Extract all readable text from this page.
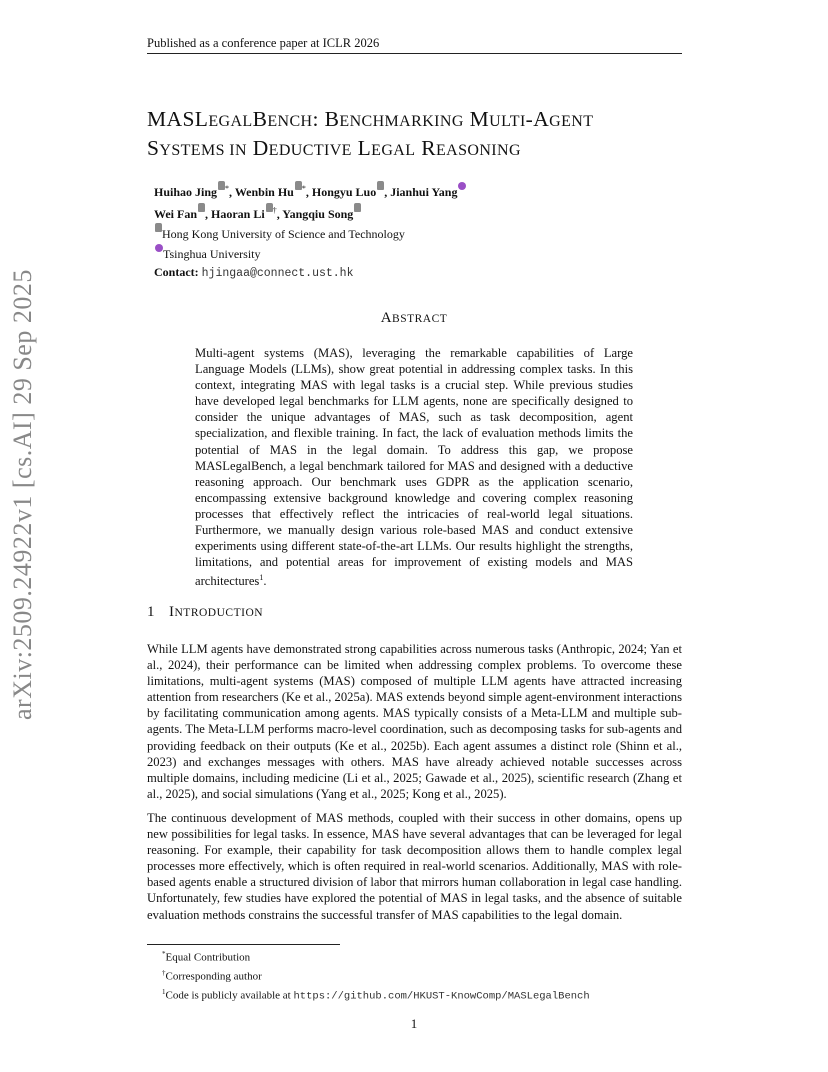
Published as a conference paper at ICLR 2026
arXiv:2509.24922v1 [cs.AI] 29 Sep 2025
MASLEGALBENCH: BENCHMARKING MULTI-AGENT
SYSTEMS IN DEDUCTIVE LEGAL REASONING
Huihao Jing *, Wenbin Hu *, Hongyu Luo , Jianhui Yang
Wei Fan , Haoran Li †, Yangqiu Song
Hong Kong University of Science and Technology
Tsinghua University
Contact: hjingaa@connect.ust.hk
ABSTRACT
Multi-agent systems (MAS), leveraging the remarkable capabilities of Large Language Models (LLMs), show great potential in addressing complex tasks. In this context, integrating MAS with legal tasks is a crucial step. While previous studies have developed legal benchmarks for LLM agents, none are specifically designed to consider the unique advantages of MAS, such as task decomposition, agent specialization, and flexible training. In fact, the lack of evaluation methods limits the potential of MAS in the legal domain. To address this gap, we propose MASLegalBench, a legal benchmark tailored for MAS and designed with a deductive reasoning approach. Our benchmark uses GDPR as the application scenario, encompassing extensive background knowledge and covering complex reasoning processes that effectively reflect the intricacies of real-world legal situations. Furthermore, we manually design various role-based MAS and conduct extensive experiments using different state-of-the-art LLMs. Our results highlight the strengths, limitations, and potential areas for improvement of existing models and MAS architectures$^1$.
1 INTRODUCTION
While LLM agents have demonstrated strong capabilities across numerous tasks (Anthropic, 2024; Yan et al., 2024), their performance can be limited when addressing complex problems. To overcome these limitations, multi-agent systems (MAS) composed of multiple LLM agents have attracted increasing attention from researchers (Ke et al., 2025a). MAS extends beyond simple agent-environment interactions by facilitating communication among agents. MAS typically consists of a Meta-LLM and multiple sub-agents. The Meta-LLM performs macro-level coordination, such as decomposing tasks for sub-agents and providing feedback on their outputs (Ke et al., 2025b). Each agent assumes a distinct role (Shinn et al., 2023) and exchanges messages with others. MAS have already achieved notable successes across multiple domains, including medicine (Li et al., 2025; Gawade et al., 2025), scientific research (Zhang et al., 2025), and social simulations (Yang et al., 2025; Kong et al., 2025).
The continuous development of MAS methods, coupled with their success in other domains, opens up new possibilities for legal tasks. In essence, MAS have several advantages that can be leveraged for legal reasoning. For example, their capability for task decomposition allows them to handle complex legal processes more effectively, which is often required in real-world scenarios. Additionally, MAS with role-based agents enable a structured division of labor that mirrors human collaboration in legal case handling. Unfortunately, few studies have explored the potential of MAS in legal tasks, and the absence of suitable evaluation methods constrains the successful transfer of MAS capabilities to the legal domain.
*Equal Contribution
†Corresponding author
$^1$Code is publicly available at https://github.com/HKUST-KnowComp/MASLegalBench
1
